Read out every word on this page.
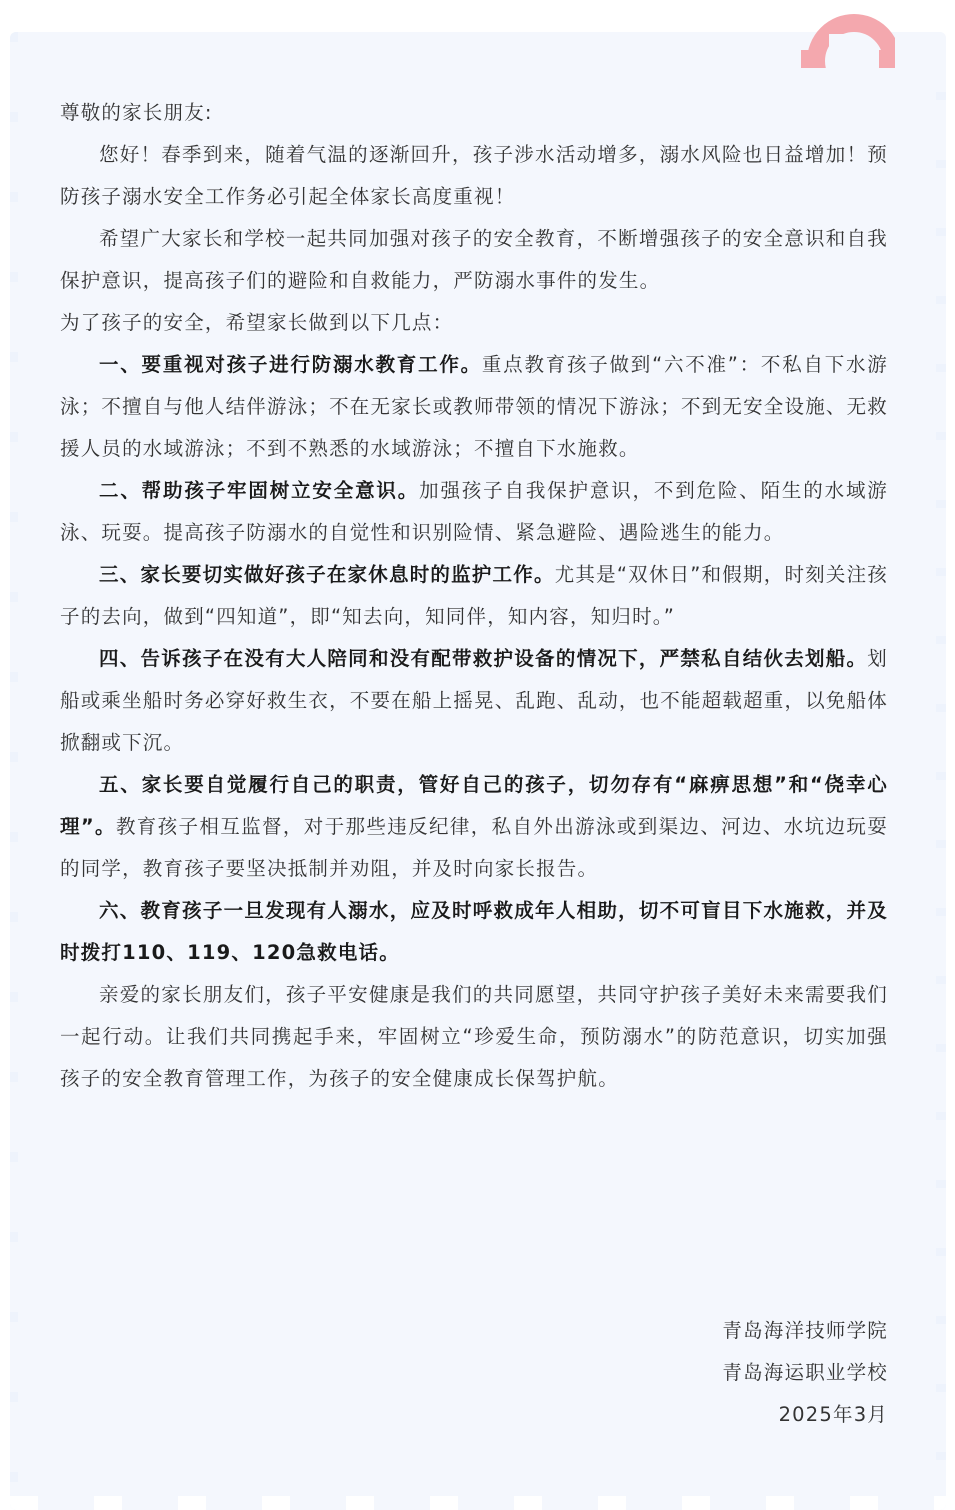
尊敬的家长朋友:

您好！春季到来，随着气温的逐渐回升，孩子涉水活动增多，溺水风险也日益增加！预防孩子溺水安全工作务必引起全体家长高度重视！

希望广大家长和学校一起共同加强对孩子的安全教育，不断增强孩子的安全意识和自我保护意识，提高孩子们的避险和自救能力，严防溺水事件的发生。

为了孩子的安全，希望家长做到以下几点：

一、要重视对孩子进行防溺水教育工作。重点教育孩子做到“六不准”：不私自下水游泳；不擅自与他人结伴游泳；不在无家长或教师带领的情况下游泳；不到无安全设施、无救援人员的水域游泳；不到不熟悉的水域游泳；不擅自下水施救。

二、帮助孩子牢固树立安全意识。加强孩子自我保护意识，不到危险、陌生的水域游泳、玩耍。提高孩子防溺水的自觉性和识别险情、紧急避险、遇险逃生的能力。

三、家长要切实做好孩子在家休息时的监护工作。尤其是“双休日”和假期，时刻关注孩子的去向，做到“四知道”，即“知去向，知同伴，知内容，知归时。”

四、告诉孩子在没有大人陪同和没有配带救护设备的情况下，严禁私自结伙去划船。划船或乘坐船时务必穿好救生衣，不要在船上摇晃、乱跑、乱动，也不能超载超重，以免船体掀翻或下沉。

五、家长要自觉履行自己的职责，管好自己的孩子，切勿存有“麻痹思想”和“侥幸心理”。教育孩子相互监督，对于那些违反纪律，私自外出游泳或到渠边、河边、水坑边玩耍的同学，教育孩子要坚决抵制并劝阻，并及时向家长报告。

六、教育孩子一旦发现有人溺水，应及时呼救成年人相助，切不可盲目下水施救，并及时拨打110、119、120急救电话。

亲爱的家长朋友们，孩子平安健康是我们的共同愿望，共同守护孩子美好未来需要我们一起行动。让我们共同携起手来，牢固树立“珍爱生命，预防溺水”的防范意识，切实加强孩子的安全教育管理工作，为孩子的安全健康成长保驾护航。

青岛海洋技师学院

青岛海运职业学校

2025年3月
